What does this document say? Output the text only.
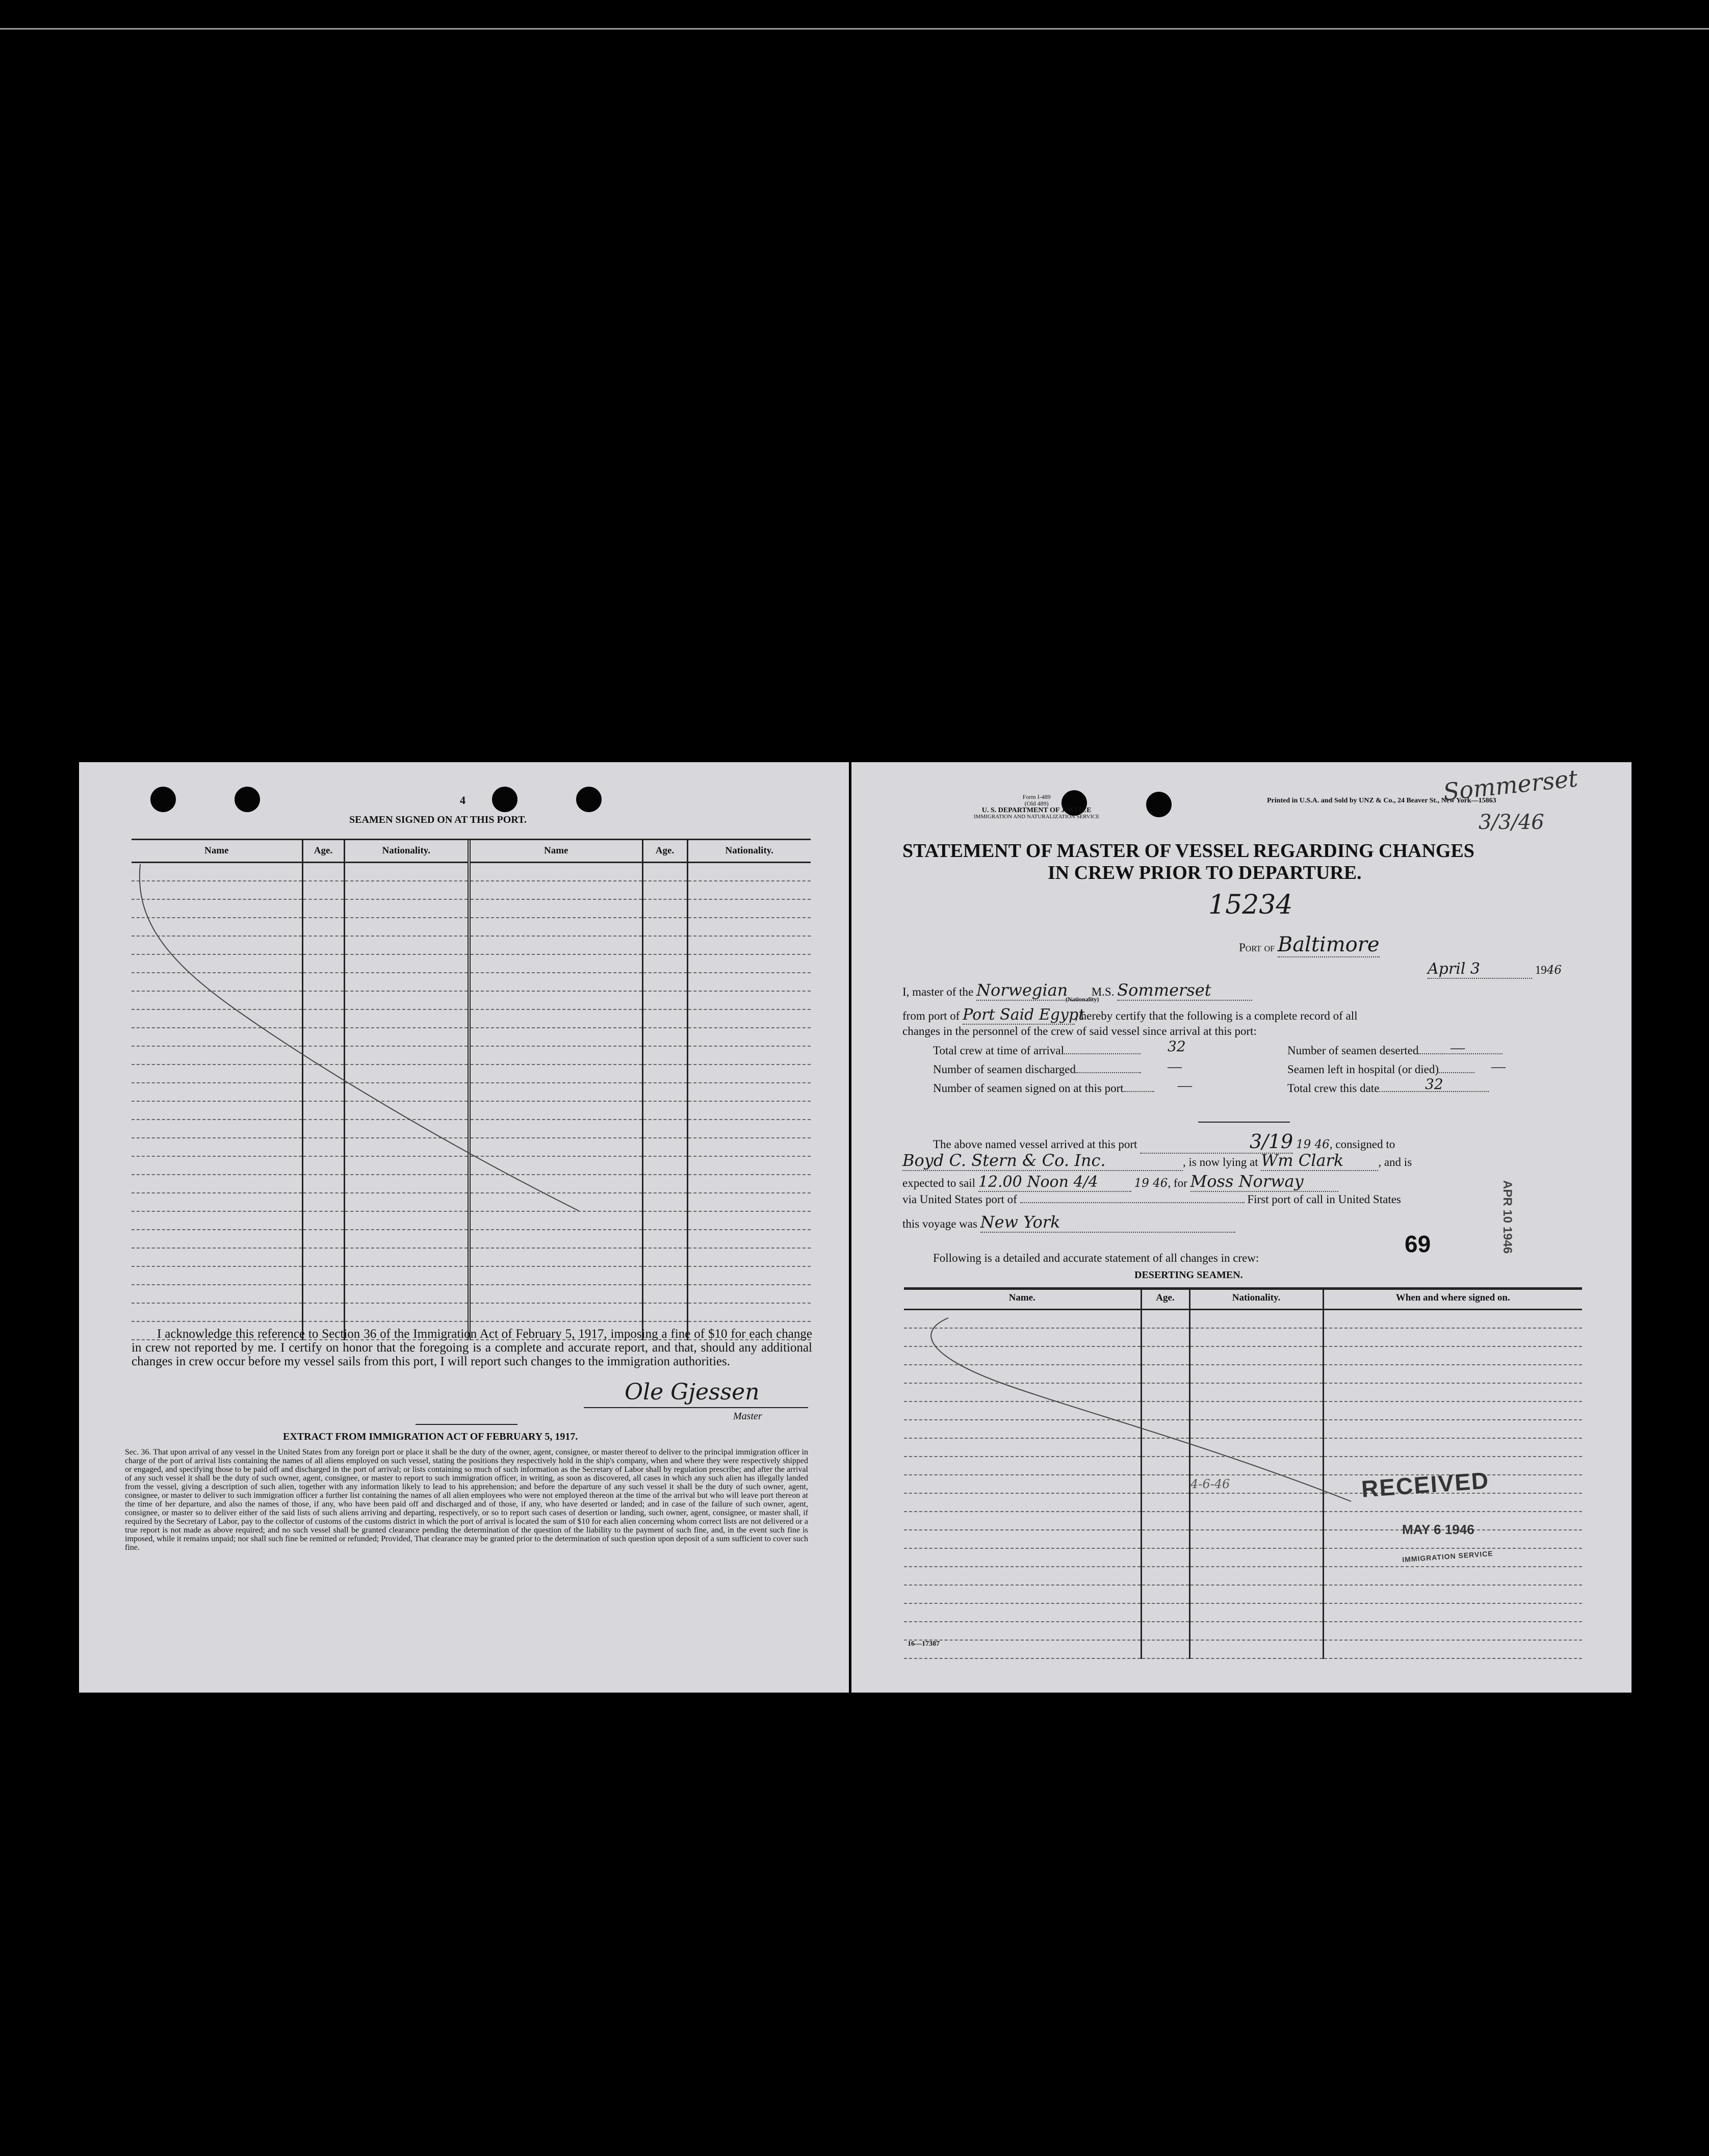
4
SEAMEN SIGNED ON AT THIS PORT.
Name	Age.	Nationality.	Name	Age.	Nationality.

I acknowledge this reference to Section 36 of the Immigration Act of February 5, 1917, imposing a fine of $10 for each change in crew not reported by me. I certify on honor that the foregoing is a complete and accurate report, and that, should any additional changes in crew occur before my vessel sails from this port, I will report such changes to the immigration authorities.
Ole Gjessen
Master
EXTRACT FROM IMMIGRATION ACT OF FEBRUARY 5, 1917.
Sec. 36. That upon arrival of any vessel in the United States from any foreign port or place it shall be the duty of the owner, agent, consignee, or master thereof to deliver to the principal immigration officer in charge of the port of arrival lists containing the names of all aliens employed on such vessel, stating the positions they respectively hold in the ship's company, when and where they were respectively shipped or engaged, and specifying those to be paid off and discharged in the port of arrival; or lists containing so much of such information as the Secretary of Labor shall by regulation prescribe; and after the arrival of any such vessel it shall be the duty of such owner, agent, consignee, or master to report to such immigration officer, in writing, as soon as discovered, all cases in which any such alien has illegally landed from the vessel, giving a description of such alien, together with any information likely to lead to his apprehension; and before the departure of any such vessel it shall be the duty of such owner, agent, consignee, or master to deliver to such immigration officer a further list containing the names of all alien employees who were not employed thereon at the time of the arrival but who will leave port thereon at the time of her departure, and also the names of those, if any, who have been paid off and discharged and of those, if any, who have deserted or landed; and in case of the failure of such owner, agent, consignee, or master so to deliver either of the said lists of such aliens arriving and departing, respectively, or so to report such cases of desertion or landing, such owner, agent, consignee, or master shall, if required by the Secretary of Labor, pay to the collector of customs of the customs district in which the port of arrival is located the sum of $10 for each alien concerning whom correct lists are not delivered or a true report is not made as above required; and no such vessel shall be granted clearance pending the determination of the question of the liability to the payment of such fine, and, in the event such fine is imposed, while it remains unpaid; nor shall such fine be remitted or refunded; Provided, That clearance may be granted prior to the determination of such question upon deposit of a sum sufficient to cover such fine.
Form I-489
(Old 489)
U. S. DEPARTMENT OF JUSTICE
IMMIGRATION AND NATURALIZATION SERVICE
Printed in U.S.A. and Sold by UNZ & Co., 24 Beaver St., New York—15863
Sommerset
3/3/46
STATEMENT OF MASTER OF VESSEL REGARDING CHANGES
IN CREW PRIOR TO DEPARTURE.
15234
Port of Baltimore
April 3	1946
I, master of the Norwegian M.S. Sommerset
(Nationality)
from port of Port Said Egypt, hereby certify that the following is a complete record of all
changes in the personnel of the crew of said vessel since arrival at this port:
Total crew at time of arrival	32	Number of seamen deserted —
Number of seamen discharged	—	Seamen left in hospital (or died)	—
Number of seamen signed on at this port	—	Total crew this date	32
The above named vessel arrived at this port	3/19 19 46, consigned to
Boyd C. Stern & Co. Inc.	, is now lying at Wm Clark	, and is
expected to sail 12.00 Noon 4/4	19 46, for Moss Norway
via United States port of	First port of call in United States
this voyage was New York
69
Following is a detailed and accurate statement of all changes in crew:
DESERTING SEAMEN.
APR 10 1946
Name.	Age.	Nationality.	When and where signed on.

4-6-46	RECEIVED
MAY 6 1946
IMMIGRATION SERVICE
16—17387
